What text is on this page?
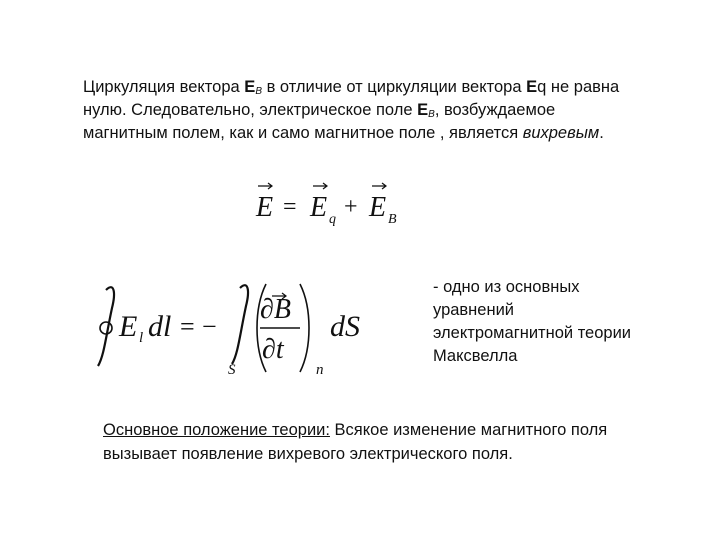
Циркуляция вектора $E_B$ в отличие от циркуляции вектора Eq не равна нулю. Следовательно, электрическое поле $E_B$, возбуждаемое магнитным полем, как и само магнитное поле , является вихревым.
E = E q + E B
E l dl = −
S
∂B
∂t
n
dS
- одно из основных уравнений электромагнитной теории Максвелла
Основное положение теории: Всякое изменение магнитного поля вызывает появление вихревого электрического поля.
